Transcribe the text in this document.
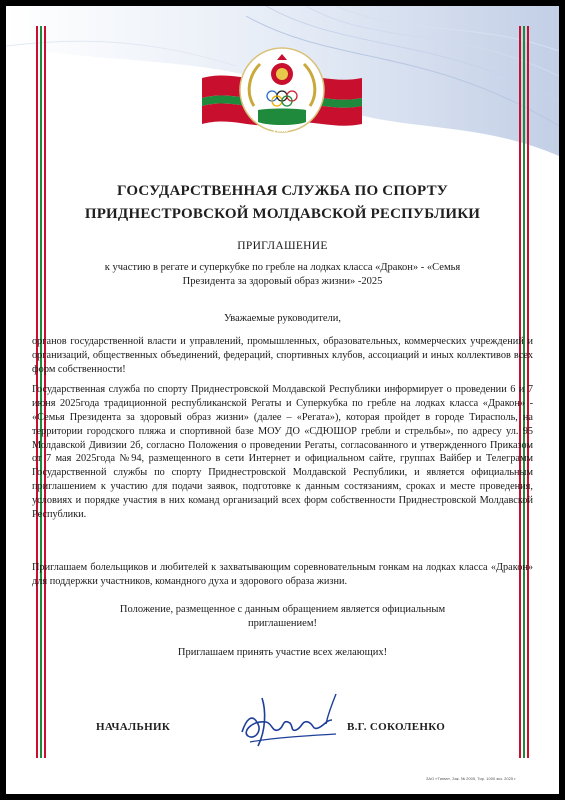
ПМР
ГОСУДАРСТВЕННАЯ СЛУЖБА ПО СПОРТУ
ПРИДНЕСТРОВСКОЙ МОЛДАВСКОЙ РЕСПУБЛИКИ
ПРИГЛАШЕНИЕ
к участию в регате и суперкубке по гребле на лодках класса «Дракон» - «Семья
Президента за здоровый образ жизни» -2025
Уважаемые руководители,
органов государственной власти и управлений, промышленных, образовательных, коммерческих учреждений и организаций, общественных объединений, федераций, спортивных клубов, ассоциаций и иных коллективов всех форм собственности!
Государственная служба по спорту Приднестровской Молдавской Республики информирует о проведении 6 и 7 июня 2025года традиционной республиканской Регаты и Суперкубка по гребле на лодках класса «Дракон» - «Семья Президента за здоровый образ жизни» (далее – «Регата»), которая пройдет в городе Тирасполь, на территории городского пляжа и спортивной базе МОУ ДО «СДЮШОР гребли и стрельбы», по адресу ул. 95 Молдавской Дивизии 2б, согласно Положения о проведении Регаты, согласованного и утвержденного Приказом от 7 мая 2025года №94, размещенного в сети Интернет и официальном сайте, группах Вайбер и Телеграмм Государственной службы по спорту Приднестровской Молдавской Республики, и является официальным приглашением к участию для подачи заявок, подготовке к данным состязаниям, сроках и месте проведения, условиях и порядке участия в них команд организаций всех форм собственности Приднестровской Молдавской Республики.
Приглашаем болельщиков и любителей к захватывающим соревновательным гонкам на лодках класса «Дракон» для поддержки участников, командного духа и здорового образа жизни.
Положение, размещенное с данным обращением является официальным
приглашением!
Приглашаем принять участие всех желающих!
НАЧАЛЬНИК	В.Г. СОКОЛЕНКО
ЗАО «Тигва», Зак. № 2005, Тир. 1000 экз. 2025 г.
